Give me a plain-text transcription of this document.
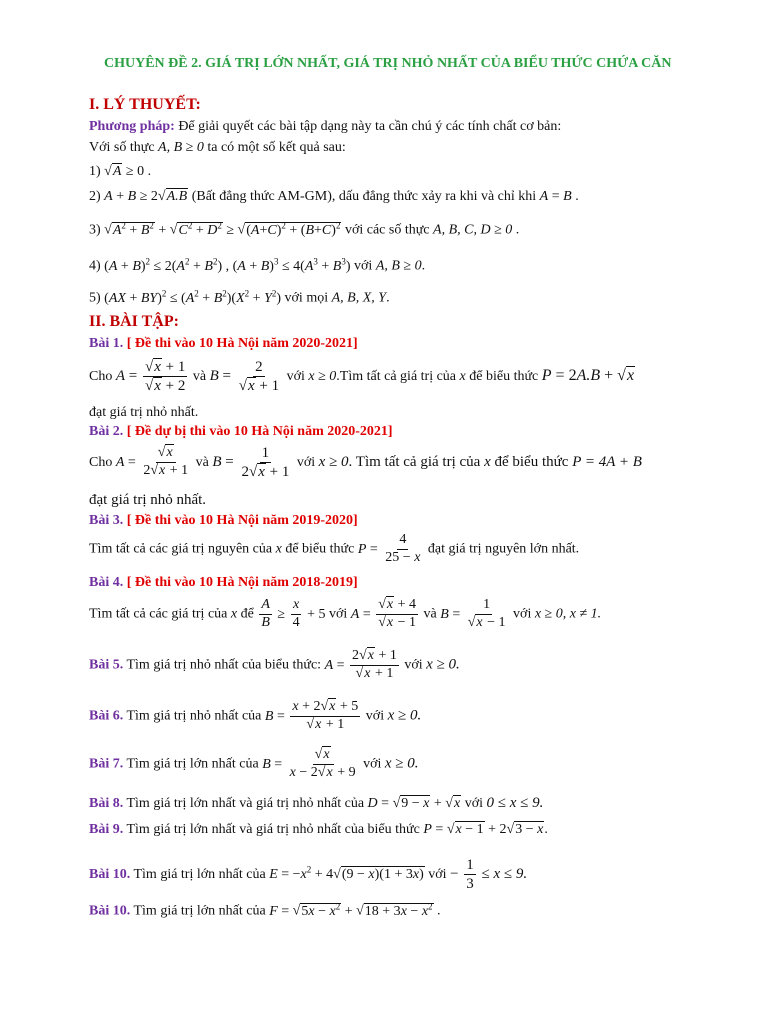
CHUYÊN ĐỀ 2. GIÁ TRỊ LỚN NHẤT, GIÁ TRỊ NHỎ NHẤT CỦA BIỂU THỨC CHỨA CĂN
I. LÝ THUYẾT:
Phương pháp: Để giải quyết các bài tập dạng này ta cần chú ý các tính chất cơ bản:
Với số thực A, B ≥ 0 ta có một số kết quả sau:
1) √A ≥ 0 .
2) A + B ≥ 2√A.B (Bất đẳng thức AM-GM), dấu đẳng thức xảy ra khi và chỉ khi A = B .
3) $√A^2 + B^2 + √C^2 + D^2 \ge √(A+C)^2 + (B+C)^2$ với các số thực A, B, C, D ≥ 0 .
4) $(A + B)^2 \le 2(A^2 + B^2)$ , $(A + B)^3 \le 4(A^3 + B^3)$ với A, B ≥ 0.
5) $(AX + BY)^2 \le (A^2 + B^2)(X^2 + Y^2)$ với mọi A, B, X, Y.
II. BÀI TẬP:
Bài 1. [ Đề thi vào 10 Hà Nội năm 2020-2021]
Cho $A = \frac{√x + 1}{√x + 2}$ và $B = \frac{2}{√x + 1}$ với x ≥ 0.Tìm tất cả giá trị của x để biểu thức P = 2A.B + √x
đạt giá trị nhỏ nhất.
Bài 2. [ Đề dự bị thi vào 10 Hà Nội năm 2020-2021]
Cho $A = \frac{√x}{2√x + 1}$ và $B = \frac{1}{2√x + 1}$ với x ≥ 0. Tìm tất cả giá trị của x để biểu thức P = 4A + B
đạt giá trị nhỏ nhất.
Bài 3. [ Đề thi vào 10 Hà Nội năm 2019-2020]
Tìm tất cả các giá trị nguyên của x để biểu thức $P = \frac{4}{25 - x}$ đạt giá trị nguyên lớn nhất.
Bài 4. [ Đề thi vào 10 Hà Nội năm 2018-2019]
Tìm tất cả các giá trị của x để $\frac{A}{B} \ge \frac{x}{4} + 5$ với $A = \frac{√x + 4}{√x - 1}$ và $B = \frac{1}{√x - 1}$ với x ≥ 0, x ≠ 1.
Bài 5. Tìm giá trị nhỏ nhất của biểu thức: $A = \frac{2√x + 1}{√x + 1}$ với x ≥ 0.
Bài 6. Tìm giá trị nhỏ nhất của $B = \frac{x + 2√x + 5}{√x + 1}$ với x ≥ 0.
Bài 7. Tìm giá trị lớn nhất của $B = \frac{√x}{x - 2√x + 9}$ với x ≥ 0.
Bài 8. Tìm giá trị lớn nhất và giá trị nhỏ nhất của D = √9 − x + √x với 0 ≤ x ≤ 9.
Bài 9. Tìm giá trị lớn nhất và giá trị nhỏ nhất của biểu thức P = √x − 1 + 2√3 − x.
Bài 10. Tìm giá trị lớn nhất của $E = -x^2 + 4√(9 - x)(1 + 3x)$ với − $\frac{1}{3} \le x \le 9$.
Bài 10. Tìm giá trị lớn nhất của $F = √5x - x^2 + √18 + 3x - x^2$ .
